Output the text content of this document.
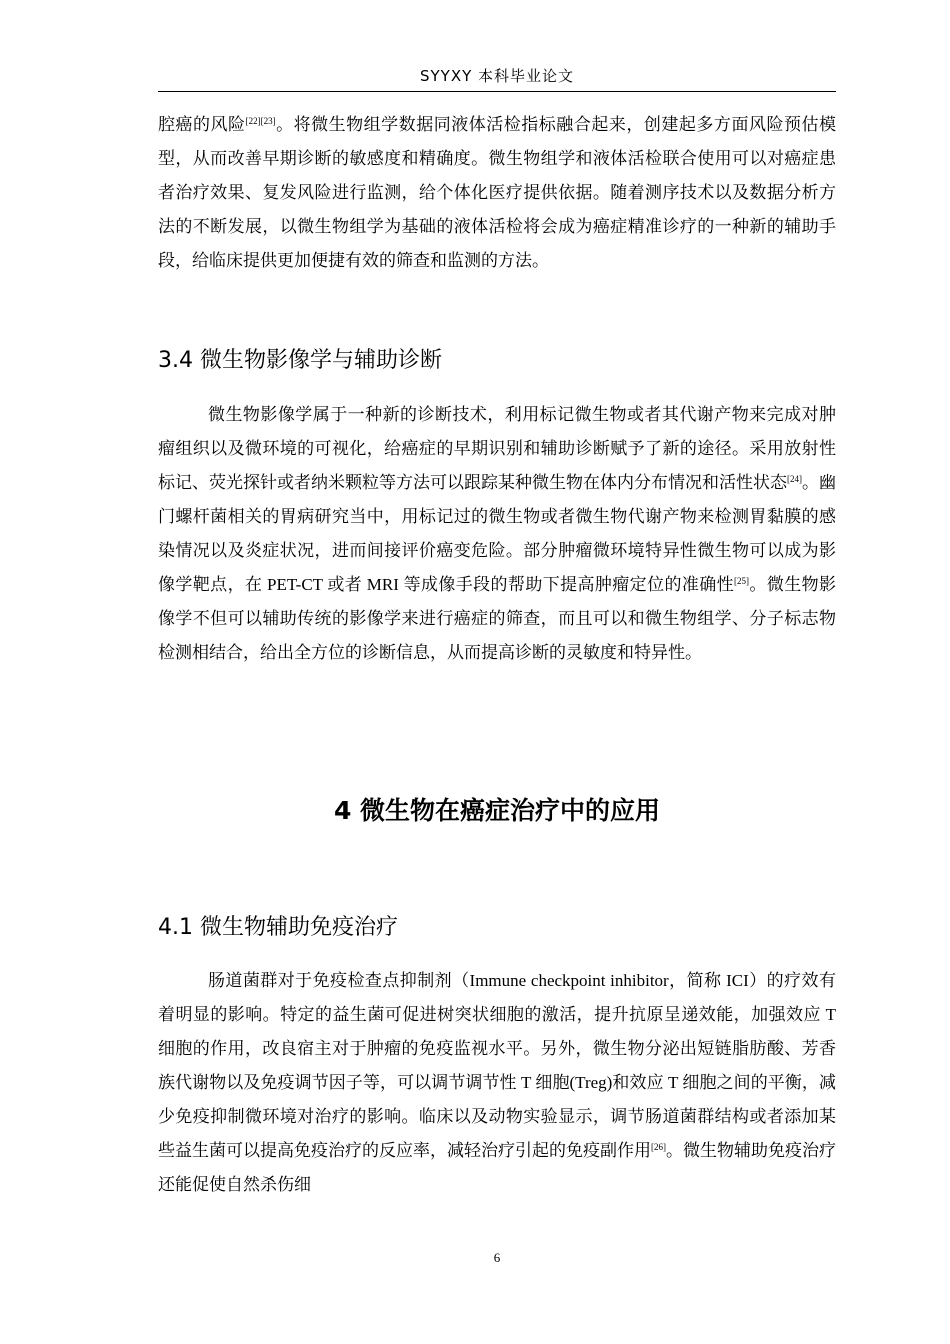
SYYXY 本科毕业论文

腔癌的风险[22][23]。将微生物组学数据同液体活检指标融合起来，创建起多方面风险预估模型，从而改善早期诊断的敏感度和精确度。微生物组学和液体活检联合使用可以对癌症患者治疗效果、复发风险进行监测，给个体化医疗提供依据。随着测序技术以及数据分析方法的不断发展，以微生物组学为基础的液体活检将会成为癌症精准诊疗的一种新的辅助手段，给临床提供更加便捷有效的筛查和监测的方法。

3.4 微生物影像学与辅助诊断

微生物影像学属于一种新的诊断技术，利用标记微生物或者其代谢产物来完成对肿瘤组织以及微环境的可视化，给癌症的早期识别和辅助诊断赋予了新的途径。采用放射性标记、荧光探针或者纳米颗粒等方法可以跟踪某种微生物在体内分布情况和活性状态[24]。幽门螺杆菌相关的胃病研究当中，用标记过的微生物或者微生物代谢产物来检测胃黏膜的感染情况以及炎症状况，进而间接评价癌变危险。部分肿瘤微环境特异性微生物可以成为影像学靶点，在 PET-CT 或者 MRI 等成像手段的帮助下提高肿瘤定位的准确性[25]。微生物影像学不但可以辅助传统的影像学来进行癌症的筛查，而且可以和微生物组学、分子标志物检测相结合，给出全方位的诊断信息，从而提高诊断的灵敏度和特异性。

4 微生物在癌症治疗中的应用
4.1 微生物辅助免疫治疗

肠道菌群对于免疫检查点抑制剂（Immune checkpoint inhibitor，简称 ICI）的疗效有着明显的影响。特定的益生菌可促进树突状细胞的激活，提升抗原呈递效能，加强效应 T 细胞的作用，改良宿主对于肿瘤的免疫监视水平。另外，微生物分泌出短链脂肪酸、芳香族代谢物以及免疫调节因子等，可以调节调节性 T 细胞(Treg)和效应 T 细胞之间的平衡，减少免疫抑制微环境对治疗的影响。临床以及动物实验显示，调节肠道菌群结构或者添加某些益生菌可以提高免疫治疗的反应率，减轻治疗引起的免疫副作用[26]。微生物辅助免疫治疗还能促使自然杀伤细

6
